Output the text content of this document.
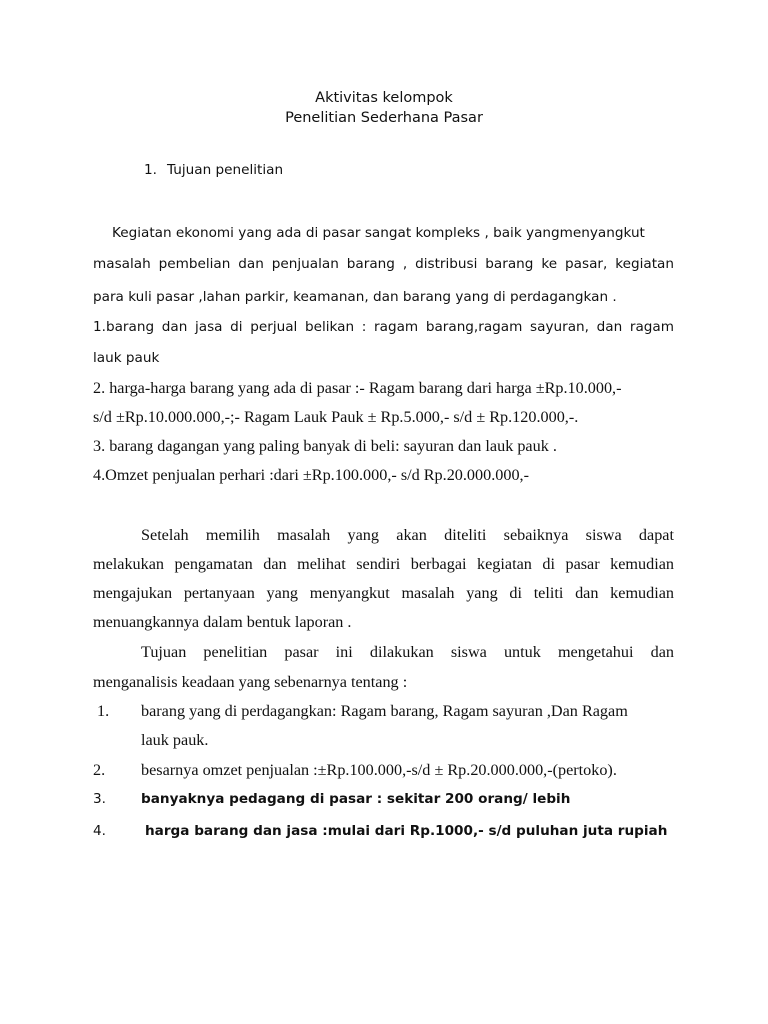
Aktivitas kelompok
Penelitian Sederhana Pasar
1. Tujuan penelitian
Kegiatan ekonomi yang ada di pasar sangat kompleks , baik yangmenyangkut
masalah pembelian dan penjualan barang , distribusi barang ke pasar, kegiatan
para kuli pasar ,lahan parkir, keamanan, dan barang yang di perdagangkan .
1.barang dan jasa di perjual belikan : ragam barang,ragam sayuran, dan ragam
lauk pauk
2. harga-harga barang yang ada di pasar :- Ragam barang dari harga ±Rp.10.000,-
s/d ±Rp.10.000.000,-;- Ragam Lauk Pauk ± Rp.5.000,- s/d ± Rp.120.000,-.
3. barang dagangan yang paling banyak di beli: sayuran dan lauk pauk .
4.Omzet penjualan perhari :dari ±Rp.100.000,- s/d Rp.20.000.000,-
Setelah memilih masalah yang akan diteliti sebaiknya siswa dapat
melakukan pengamatan dan melihat sendiri berbagai kegiatan di pasar kemudian
mengajukan pertanyaan yang menyangkut masalah yang di teliti dan kemudian
menuangkannya dalam bentuk laporan .
Tujuan penelitian pasar ini dilakukan siswa untuk mengetahui dan
menganalisis keadaan yang sebenarnya tentang :
1. barang yang di perdagangkan: Ragam barang, Ragam sayuran ,Dan Ragam
lauk pauk.
2. besarnya omzet penjualan :±Rp.100.000,-s/d ± Rp.20.000.000,-(pertoko).
3.	banyaknya pedagang di pasar : sekitar 200 orang/ lebih
4.	harga barang dan jasa :mulai dari Rp.1000,- s/d puluhan juta rupiah
